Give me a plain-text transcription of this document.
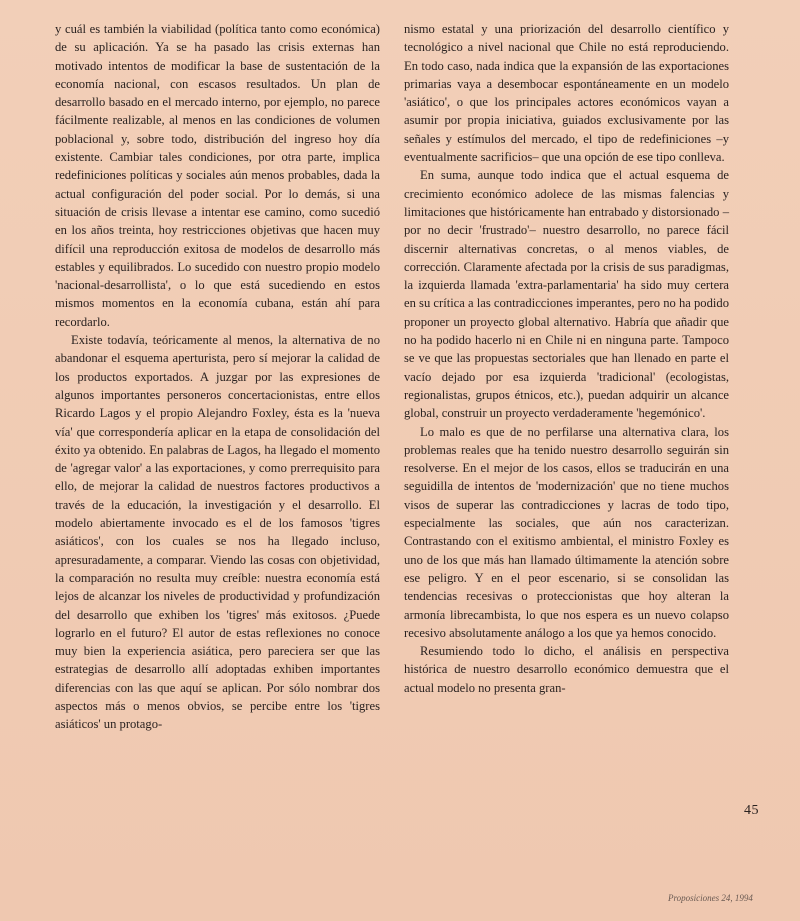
y cuál es también la viabilidad (política tanto como económica) de su aplicación. Ya se ha pasado las crisis externas han motivado intentos de modificar la base de sustentación de la economía nacional, con escasos resultados. Un plan de desarrollo basado en el mercado interno, por ejemplo, no parece fácilmente realizable, al menos en las condiciones de volumen poblacional y, sobre todo, distribución del ingreso hoy día existente. Cambiar tales condiciones, por otra parte, implica redefiniciones políticas y sociales aún menos probables, dada la actual configuración del poder social. Por lo demás, si una situación de crisis llevase a intentar ese camino, como sucedió en los años treinta, hoy restricciones objetivas que hacen muy difícil una reproducción exitosa de modelos de desarrollo más estables y equilibrados. Lo sucedido con nuestro propio modelo 'nacional-desarrollista', o lo que está sucediendo en estos mismos momentos en la economía cubana, están ahí para recordarlo.

Existe todavía, teóricamente al menos, la alternativa de no abandonar el esquema aperturista, pero sí mejorar la calidad de los productos exportados. A juzgar por las expresiones de algunos importantes personeros concertacionistas, entre ellos Ricardo Lagos y el propio Alejandro Foxley, ésta es la 'nueva vía' que correspondería aplicar en la etapa de consolidación del éxito ya obtenido. En palabras de Lagos, ha llegado el momento de 'agregar valor' a las exportaciones, y como prerrequisito para ello, de mejorar la calidad de nuestros factores productivos a través de la educación, la investigación y el desarrollo. El modelo abiertamente invocado es el de los famosos 'tigres asiáticos', con los cuales se nos ha llegado incluso, apresuradamente, a comparar. Viendo las cosas con objetividad, la comparación no resulta muy creíble: nuestra economía está lejos de alcanzar los niveles de productividad y profundización del desarrollo que exhiben los 'tigres' más exitosos. ¿Puede lograrlo en el futuro? El autor de estas reflexiones no conoce muy bien la experiencia asiática, pero pareciera ser que las estrategias de desarrollo allí adoptadas exhiben importantes diferencias con las que aquí se aplican. Por sólo nombrar dos aspectos más o menos obvios, se percibe entre los 'tigres asiáticos' un protago-

nismo estatal y una priorización del desarrollo científico y tecnológico a nivel nacional que Chile no está reproduciendo. En todo caso, nada indica que la expansión de las exportaciones primarias vaya a desembocar espontáneamente en un modelo 'asiático', o que los principales actores económicos vayan a asumir por propia iniciativa, guiados exclusivamente por las señales y estímulos del mercado, el tipo de redefiniciones –y eventualmente sacrificios– que una opción de ese tipo conlleva.

En suma, aunque todo indica que el actual esquema de crecimiento económico adolece de las mismas falencias y limitaciones que históricamente han entrabado y distorsionado –por no decir 'frustrado'– nuestro desarrollo, no parece fácil discernir alternativas concretas, o al menos viables, de corrección. Claramente afectada por la crisis de sus paradigmas, la izquierda llamada 'extra-parlamentaria' ha sido muy certera en su crítica a las contradicciones imperantes, pero no ha podido proponer un proyecto global alternativo. Habría que añadir que no ha podido hacerlo ni en Chile ni en ninguna parte. Tampoco se ve que las propuestas sectoriales que han llenado en parte el vacío dejado por esa izquierda 'tradicional' (ecologistas, regionalistas, grupos étnicos, etc.), puedan adquirir un alcance global, construir un proyecto verdaderamente 'hegemónico'.

Lo malo es que de no perfilarse una alternativa clara, los problemas reales que ha tenido nuestro desarrollo seguirán sin resolverse. En el mejor de los casos, ellos se traducirán en una seguidilla de intentos de 'modernización' que no tiene muchos visos de superar las contradicciones y lacras de todo tipo, especialmente las sociales, que aún nos caracterizan. Contrastando con el exitismo ambiental, el ministro Foxley es uno de los que más han llamado últimamente la atención sobre ese peligro. Y en el peor escenario, si se consolidan las tendencias recesivas o proteccionistas que hoy alteran la armonía librecambista, lo que nos espera es un nuevo colapso recesivo absolutamente análogo a los que ya hemos conocido.

Resumiendo todo lo dicho, el análisis en perspectiva histórica de nuestro desarrollo económico demuestra que el actual modelo no presenta gran-

45
Proposiciones 24, 1994
